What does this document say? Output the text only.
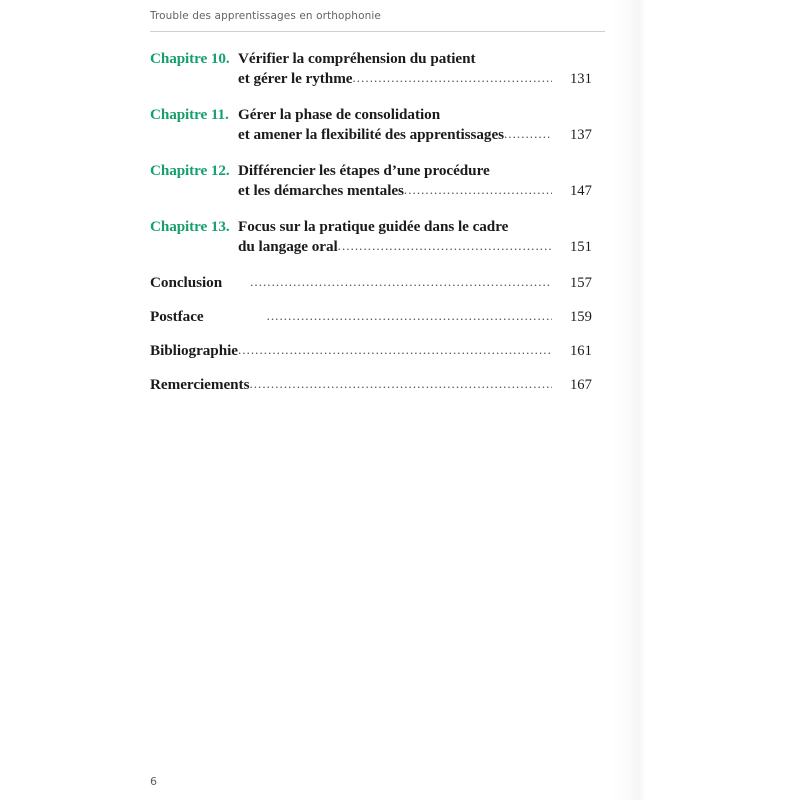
Trouble des apprentissages en orthophonie
Chapitre 10. Vérifier la compréhension du patient
et gérer le rythme .....	131
Chapitre 11. Gérer la phase de consolidation
et amener la flexibilité des apprentissages .....	137
Chapitre 12. Différencier les étapes d’une procédure
et les démarches mentales .....	147
Chapitre 13. Focus sur la pratique guidée dans le cadre
du langage oral .....	151
Conclusion .....	157
Postface .....	159
Bibliographie .....	161
Remerciements .....	167
6
